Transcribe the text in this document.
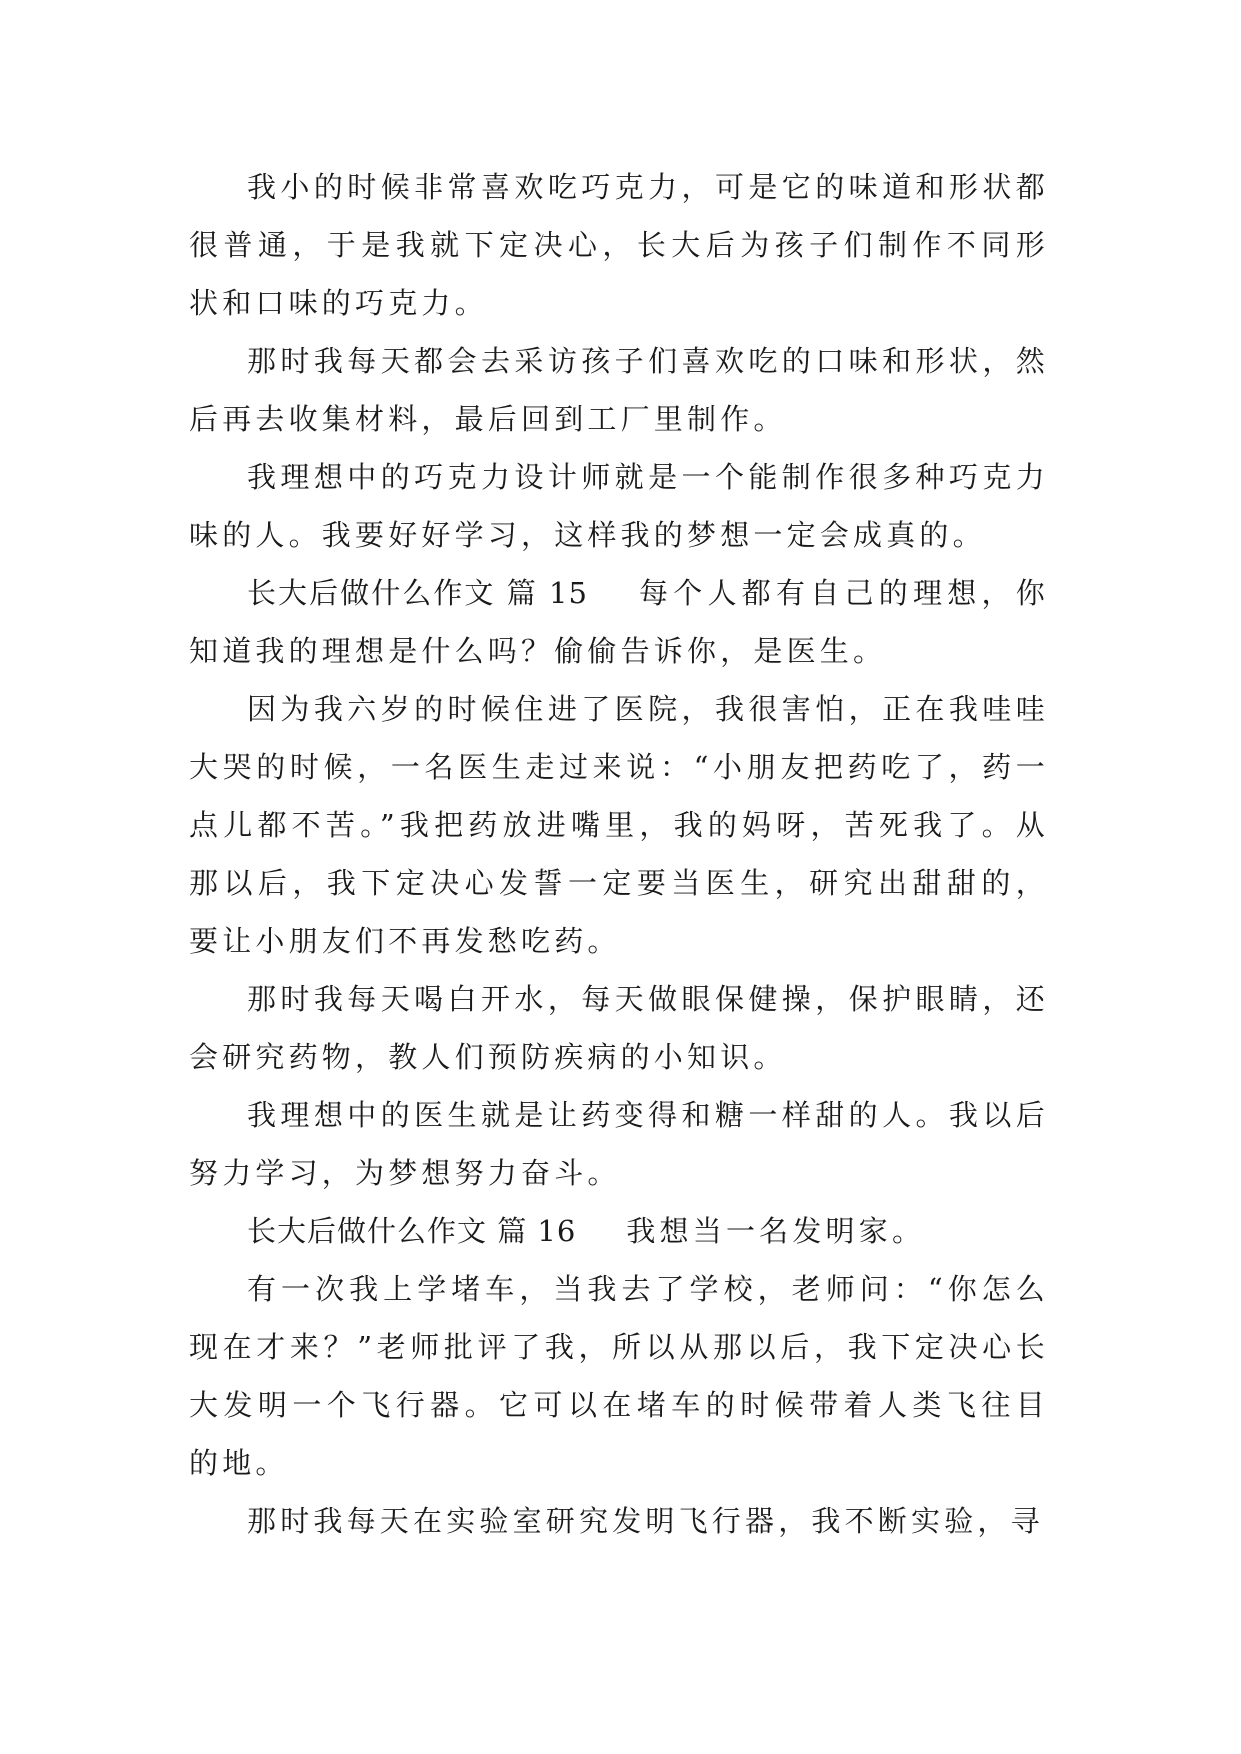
我小的时候非常喜欢吃巧克力，可是它的味道和形状都很普通，于是我就下定决心，长大后为孩子们制作不同形状和口味的巧克力。

那时我每天都会去采访孩子们喜欢吃的口味和形状，然后再去收集材料，最后回到工厂里制作。

我理想中的巧克力设计师就是一个能制作很多种巧克力味的人。我要好好学习，这样我的梦想一定会成真的。

长大后做什么作文 篇 15 每个人都有自己的理想，你知道我的理想是什么吗？偷偷告诉你，是医生。

因为我六岁的时候住进了医院，我很害怕，正在我哇哇大哭的时候，一名医生走过来说：“小朋友把药吃了，药一点儿都不苦。”我把药放进嘴里，我的妈呀，苦死我了。从那以后，我下定决心发誓一定要当医生，研究出甜甜的，要让小朋友们不再发愁吃药。

那时我每天喝白开水，每天做眼保健操，保护眼睛，还会研究药物，教人们预防疾病的小知识。

我理想中的医生就是让药变得和糖一样甜的人。我以后努力学习，为梦想努力奋斗。

长大后做什么作文 篇 16 我想当一名发明家。

有一次我上学堵车，当我去了学校，老师问：“你怎么现在才来？”老师批评了我，所以从那以后，我下定决心长大发明一个飞行器。它可以在堵车的时候带着人类飞往目的地。

那时我每天在实验室研究发明飞行器，我不断实验，寻
